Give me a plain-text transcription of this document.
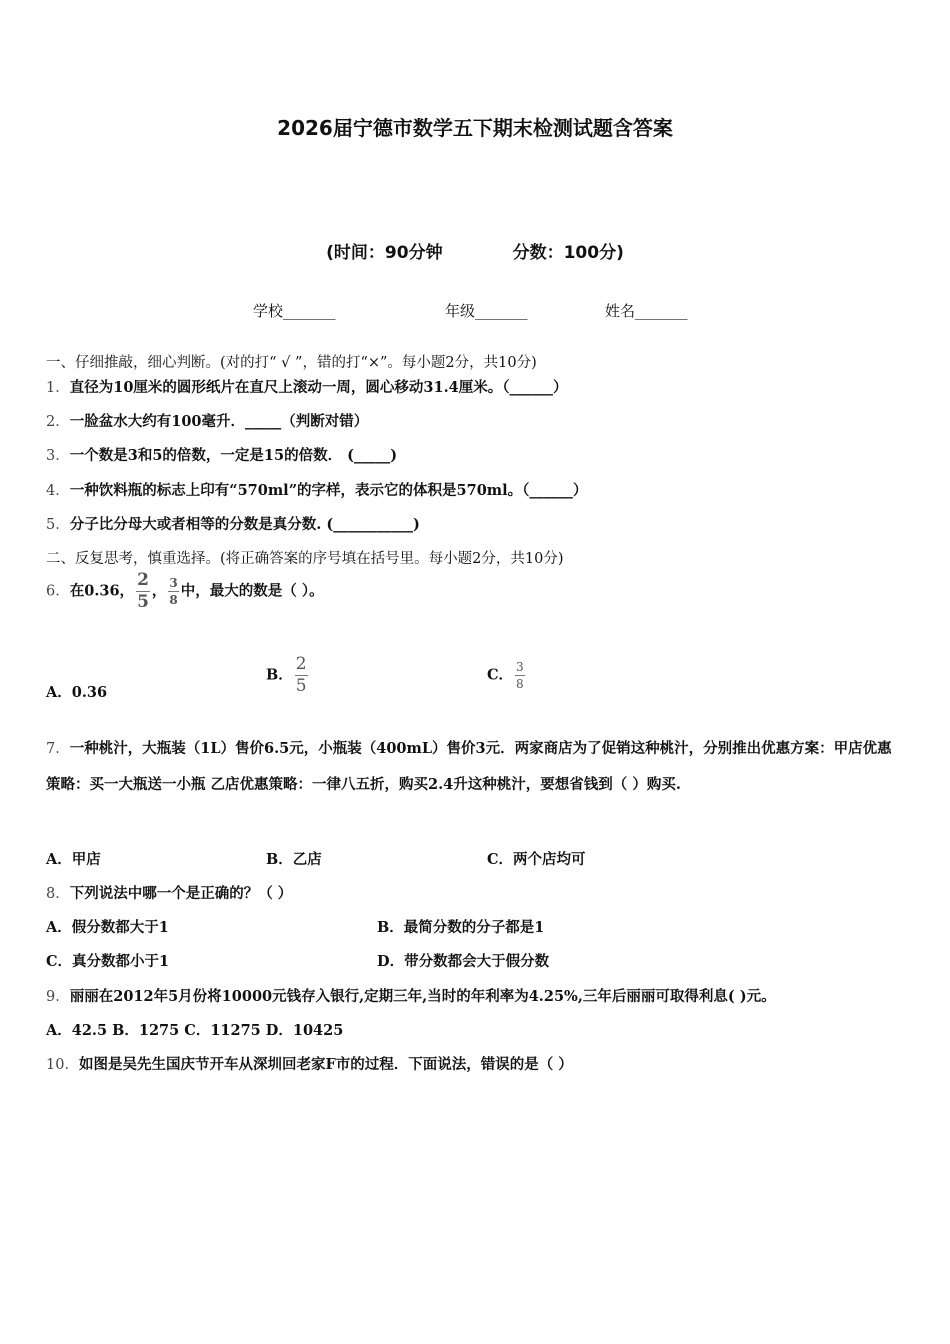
2026届宁德市数学五下期末检测试题含答案
(时间：90分钟	分数：100分)
学校_______	年级_______	姓名_______
一、仔细推敲，细心判断。(对的打“ √ ”，错的打“×”。每小题2分，共10分)
1．直径为10厘米的圆形纸片在直尺上滚动一周，圆心移动31.4厘米。（______）
2．一脸盆水大约有100毫升．_____（判断对错）
3．一个数是3和5的倍数，一定是15的倍数． (_____)
4．一种饮料瓶的标志上印有“570ml”的字样，表示它的体积是570ml。（______）
5．分子比分母大或者相等的分数是真分数. (___________)
二、反复思考，慎重选择。(将正确答案的序号填在括号里。每小题2分，共10分)
6．在0.36， $\frac{2}{5}$ ， $\frac{3}{8}$ 中，最大的数是（ ）。
A．0.36
B． $\frac{2}{5}$	C． $\frac{3}{8}$
7．一种桃汁，大瓶装（1L）售价6.5元，小瓶装（400mL）售价3元．两家商店为了促销这种桃汁，分别推出优惠方案：甲店优惠策略：买一大瓶送一小瓶 乙店优惠策略：一律八五折，购买2.4升这种桃汁，要想省钱到（ ）购买.
A．甲店	B．乙店	C．两个店均可
8．下列说法中哪一个是正确的？（ ）
A．假分数都大于1	B．最简分数的分子都是1
C．真分数都小于1	D．带分数都会大于假分数
9．丽丽在2012年5月份将10000元钱存入银行,定期三年,当时的年利率为4.25%,三年后丽丽可取得利息( )元。
A．42.5 B．1275 C．11275 D．10425
10．如图是吴先生国庆节开车从深圳回老家F市的过程．下面说法，错误的是（ ）
